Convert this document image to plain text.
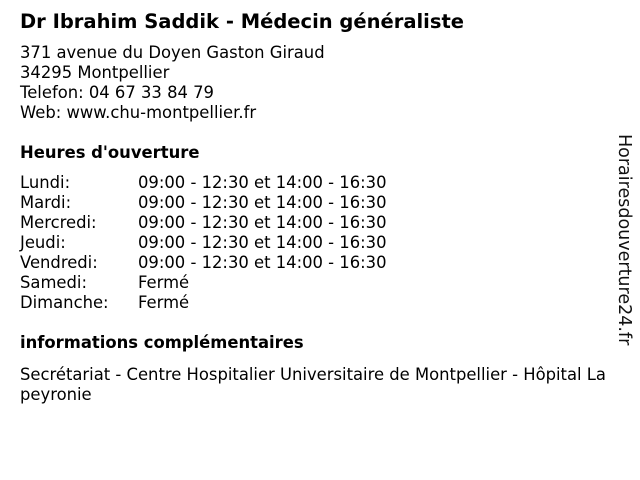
Dr Ibrahim Saddik - Médecin généraliste
371 avenue du Doyen Gaston Giraud
34295 Montpellier
Telefon: 04 67 33 84 79
Web: www.chu-montpellier.fr
Heures d'ouverture
Lundi:	09:00 - 12:30 et 14:00 - 16:30
Mardi:	09:00 - 12:30 et 14:00 - 16:30
Mercredi:	09:00 - 12:30 et 14:00 - 16:30
Jeudi:	09:00 - 12:30 et 14:00 - 16:30
Vendredi:	09:00 - 12:30 et 14:00 - 16:30
Samedi:	Fermé
Dimanche:	Fermé
informations complémentaires
Secrétariat - Centre Hospitalier Universitaire de Montpellier - Hôpital Lapeyronie
Horairesdouverture24.fr
